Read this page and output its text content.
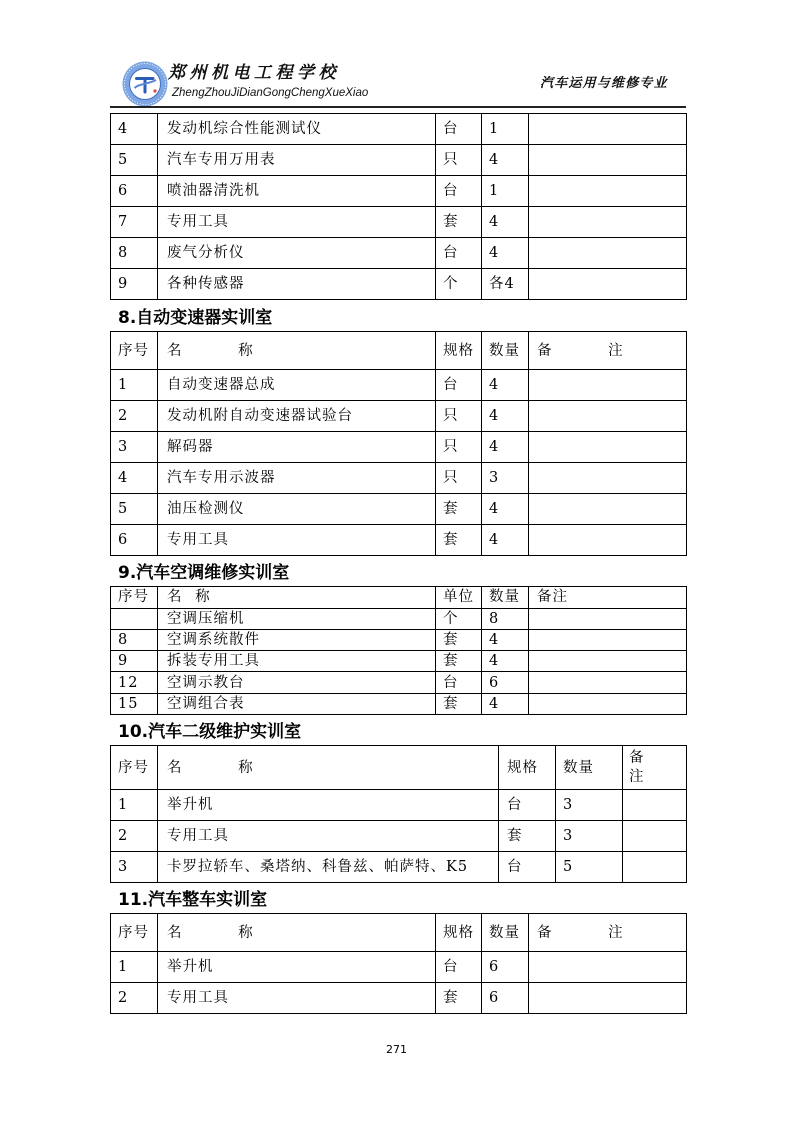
郑州机电工程学校
ZhengZhouJiDianGongChengXueXiao
汽车运用与维修专业
4	发动机综合性能测试仪	台	1	
5	汽车专用万用表	只	4	
6	喷油器清洗机	台	1	
7	专用工具	套	4	
8	废气分析仪	台	4	
9	各种传感器	个	各4	
8.自动变速器实训室
序号	名 称	规格	数量	备 注
1	自动变速器总成	台	4	
2	发动机附自动变速器试验台	只	4	
3	解码器	只	4	
4	汽车专用示波器	只	3	
5	油压检测仪	套	4	
6	专用工具	套	4	
9.汽车空调维修实训室
序号	名 称	单位	数量	备注
	空调压缩机	个	8	
8	空调系统散件	套	4	
9	拆装专用工具	套	4	
12	空调示教台	台	6	
15	空调组合表	套	4	
10.汽车二级维护实训室
序号	名 称	规格	数量	备注
1	举升机	台	3	
2	专用工具	套	3	
3	卡罗拉轿车、桑塔纳、科鲁兹、帕萨特、K5	台	5	
11.汽车整车实训室
序号	名 称	规格	数量	备 注
1	举升机	台	6	
2	专用工具	套	6	
271
